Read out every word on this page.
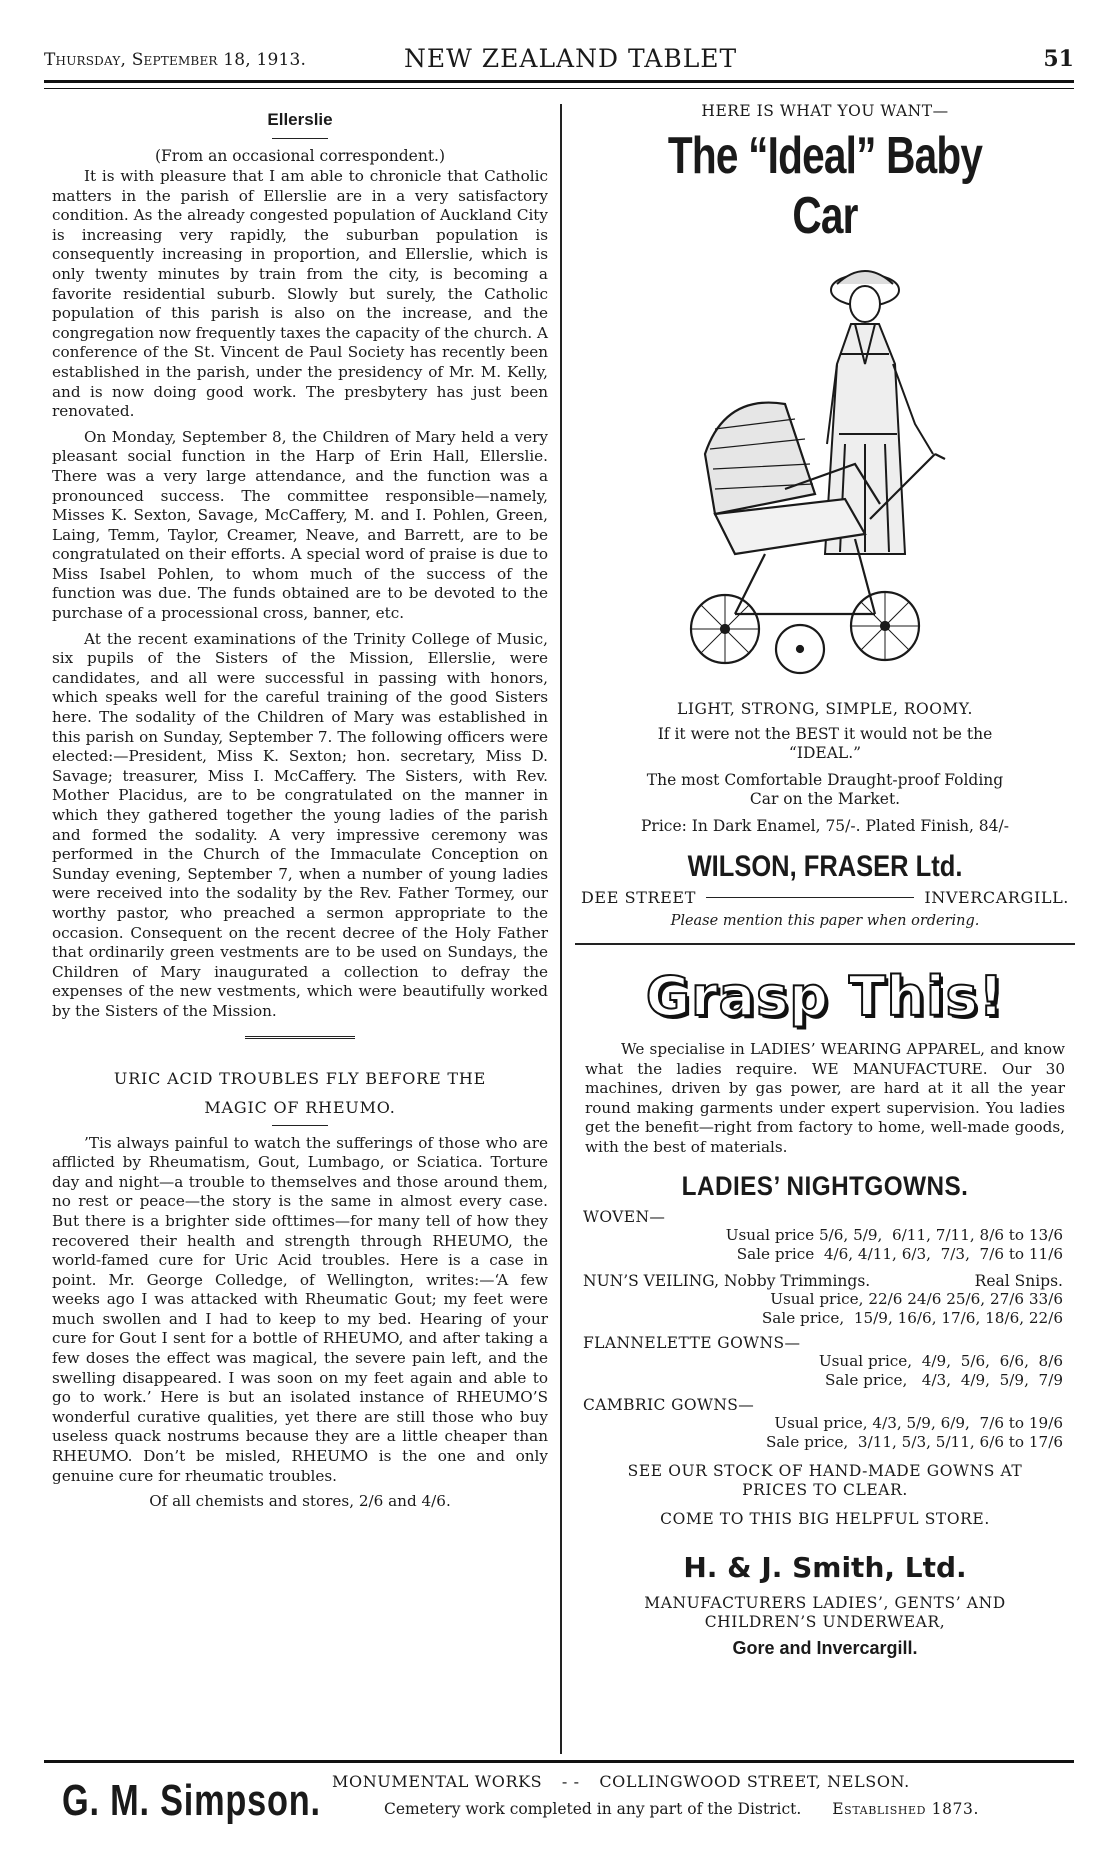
Thursday, September 18, 1913.	NEW ZEALAND TABLET	51
Ellerslie
(From an occasional correspondent.)

It is with pleasure that I am able to chronicle that Catholic matters in the parish of Ellerslie are in a very satisfactory condition. As the already congested population of Auckland City is increasing very rapidly, the suburban population is consequently increasing in proportion, and Ellerslie, which is only twenty minutes by train from the city, is becoming a favorite residential suburb. Slowly but surely, the Catholic population of this parish is also on the increase, and the congregation now frequently taxes the capacity of the church. A conference of the St. Vincent de Paul Society has recently been established in the parish, under the presidency of Mr. M. Kelly, and is now doing good work. The presbytery has just been renovated.

On Monday, September 8, the Children of Mary held a very pleasant social function in the Harp of Erin Hall, Ellerslie. There was a very large attendance, and the function was a pronounced success. The committee responsible—namely, Misses K. Sexton, Savage, McCaffery, M. and I. Pohlen, Green, Laing, Temm, Taylor, Creamer, Neave, and Barrett, are to be congratulated on their efforts. A special word of praise is due to Miss Isabel Pohlen, to whom much of the success of the function was due. The funds obtained are to be devoted to the purchase of a processional cross, banner, etc.

At the recent examinations of the Trinity College of Music, six pupils of the Sisters of the Mission, Ellerslie, were candidates, and all were successful in passing with honors, which speaks well for the careful training of the good Sisters here. The sodality of the Children of Mary was established in this parish on Sunday, September 7. The following officers were elected:—President, Miss K. Sexton; hon. secretary, Miss D. Savage; treasurer, Miss I. McCaffery. The Sisters, with Rev. Mother Placidus, are to be congratulated on the manner in which they gathered together the young ladies of the parish and formed the sodality. A very impressive ceremony was performed in the Church of the Immaculate Conception on Sunday evening, September 7, when a number of young ladies were received into the sodality by the Rev. Father Tormey, our worthy pastor, who preached a sermon appropriate to the occasion. Consequent on the recent decree of the Holy Father that ordinarily green vestments are to be used on Sundays, the Children of Mary inaugurated a collection to defray the expenses of the new vestments, which were beautifully worked by the Sisters of the Mission.

URIC ACID TROUBLES FLY BEFORE THE
MAGIC OF RHEUMO.

’Tis always painful to watch the sufferings of those who are afflicted by Rheumatism, Gout, Lumbago, or Sciatica. Torture day and night—a trouble to themselves and those around them, no rest or peace—the story is the same in almost every case. But there is a brighter side ofttimes—for many tell of how they recovered their health and strength through RHEUMO, the world-famed cure for Uric Acid troubles. Here is a case in point. Mr. George Colledge, of Wellington, writes:—‘A few weeks ago I was attacked with Rheumatic Gout; my feet were much swollen and I had to keep to my bed. Hearing of your cure for Gout I sent for a bottle of RHEUMO, and after taking a few doses the effect was magical, the severe pain left, and the swelling disappeared. I was soon on my feet again and able to go to work.’ Here is but an isolated instance of RHEUMO’S wonderful curative qualities, yet there are still those who buy useless quack nostrums because they are a little cheaper than RHEUMO. Don’t be misled, RHEUMO is the one and only genuine cure for rheumatic troubles.

Of all chemists and stores, 2/6 and 4/6.
HERE IS WHAT YOU WANT—
The “Ideal” Baby Car
LIGHT, STRONG, SIMPLE, ROOMY.
If it were not the BEST it would not be the
“IDEAL.”
The most Comfortable Draught-proof Folding
Car on the Market.
Price: In Dark Enamel, 75/-. Plated Finish, 84/-
WILSON, FRASER Ltd.
DEE STREET	INVERCARGILL.
Please mention this paper when ordering.
Grasp This!

We specialise in LADIES’ WEARING APPAREL, and know what the ladies require. WE MANUFACTURE. Our 30 machines, driven by gas power, are hard at it all the year round making garments under expert supervision. You ladies get the benefit—right from factory to home, well-made goods, with the best of materials.

LADIES’ NIGHTGOWNS.
WOVEN—
Usual price 5/6, 5/9,  6/11, 7/11, 8/6 to 13/6
Sale price  4/6, 4/11, 6/3,  7/3,  7/6 to 11/6
NUN’S VEILING, Nobby Trimmings.	Real Snips.
Usual price, 22/6 24/6 25/6, 27/6 33/6
Sale price,  15/9, 16/6, 17/6, 18/6, 22/6
FLANNELETTE GOWNS—
Usual price,  4/9,  5/6,  6/6,  8/6
Sale price,   4/3,  4/9,  5/9,  7/9
CAMBRIC GOWNS—
Usual price, 4/3, 5/9, 6/9,  7/6 to 19/6
Sale price,  3/11, 5/3, 5/11, 6/6 to 17/6
SEE OUR STOCK OF HAND-MADE GOWNS AT
PRICES TO CLEAR.
COME TO THIS BIG HELPFUL STORE.
H. & J. Smith, Ltd.
MANUFACTURERS LADIES’, GENTS’ AND
CHILDREN’S UNDERWEAR,
Gore and Invercargill.
G. M. Simpson. MONUMENTAL WORKS - - COLLINGWOOD STREET, NELSON.
Cemetery work completed in any part of the District. Established 1873.
